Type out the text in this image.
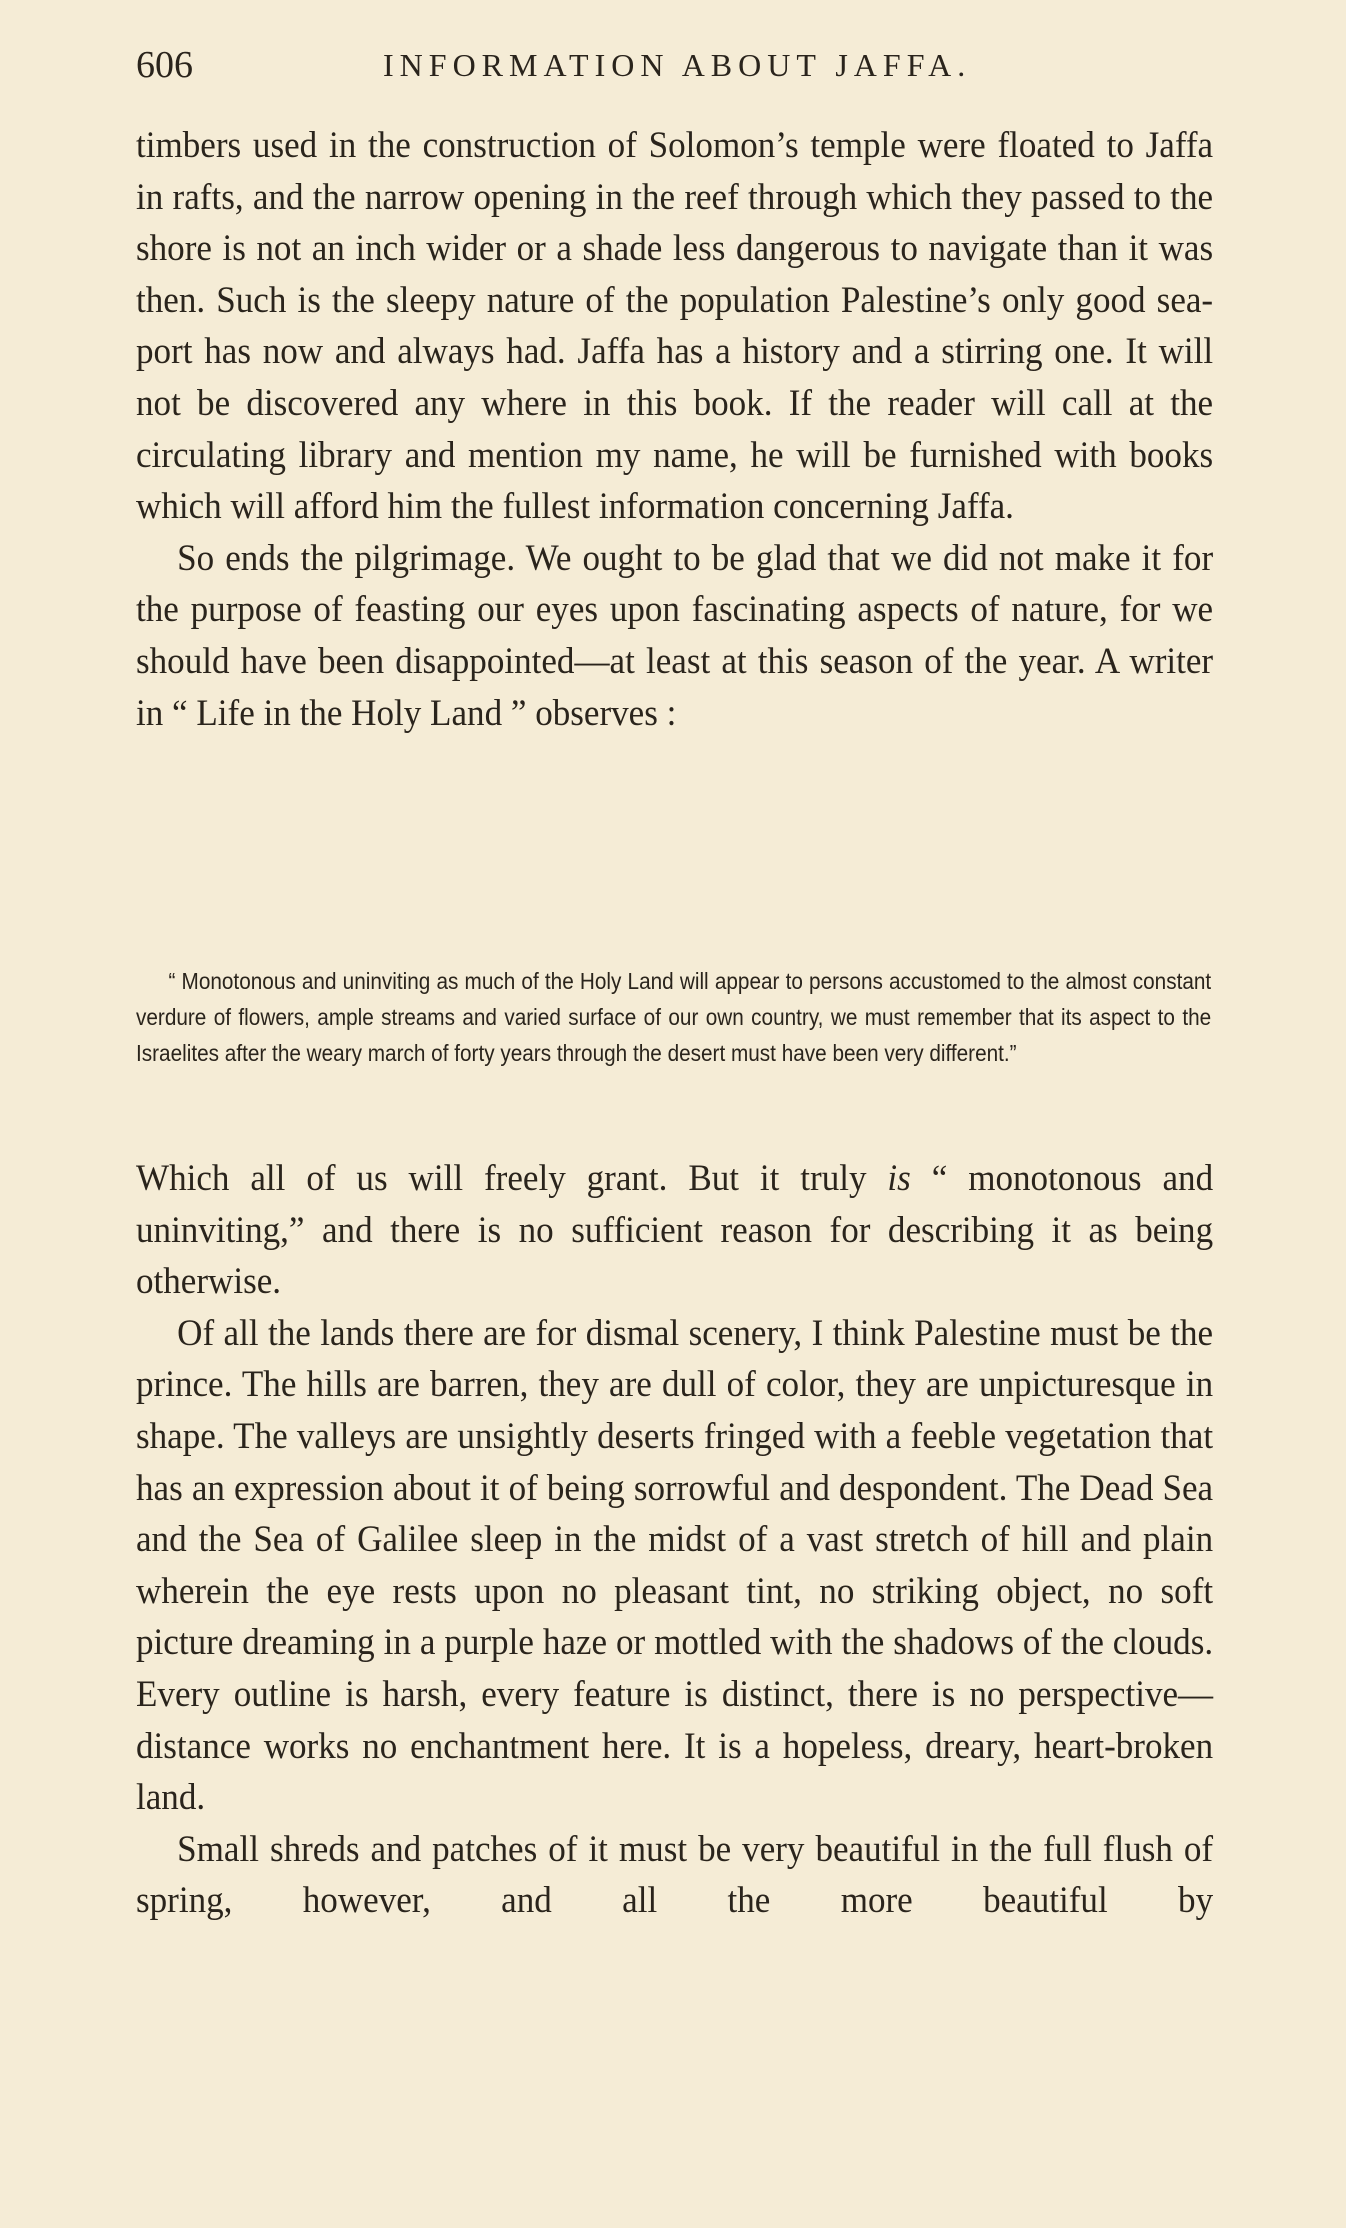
606	INFORMATION ABOUT JAFFA.

timbers used in the construction of Solomon’s temple were floated to Jaffa in rafts, and the narrow opening in the reef through which they passed to the shore is not an inch wider or a shade less dangerous to navigate than it was then. Such is the sleepy nature of the population Palestine’s only good sea-port has now and always had. Jaffa has a history and a stirring one. It will not be discovered any where in this book. If the reader will call at the circulating library and mention my name, he will be furnished with books which will afford him the fullest information concerning Jaffa.

So ends the pilgrimage. We ought to be glad that we did not make it for the purpose of feasting our eyes upon fascinating aspects of nature, for we should have been disappointed—at least at this season of the year. A writer in “ Life in the Holy Land ” observes :

“ Monotonous and uninviting as much of the Holy Land will appear to persons accustomed to the almost constant verdure of flowers, ample streams and varied surface of our own country, we must remember that its aspect to the Israelites after the weary march of forty years through the desert must have been very different.”

Which all of us will freely grant. But it truly is “ monotonous and uninviting,” and there is no sufficient reason for describing it as being otherwise.

Of all the lands there are for dismal scenery, I think Palestine must be the prince. The hills are barren, they are dull of color, they are unpicturesque in shape. The valleys are unsightly deserts fringed with a feeble vegetation that has an expression about it of being sorrowful and despondent. The Dead Sea and the Sea of Galilee sleep in the midst of a vast stretch of hill and plain wherein the eye rests upon no pleasant tint, no striking object, no soft picture dreaming in a purple haze or mottled with the shadows of the clouds. Every outline is harsh, every feature is distinct, there is no perspective—distance works no enchantment here. It is a hopeless, dreary, heart-broken land.

Small shreds and patches of it must be very beautiful in the full flush of spring, however, and all the more beautiful by
